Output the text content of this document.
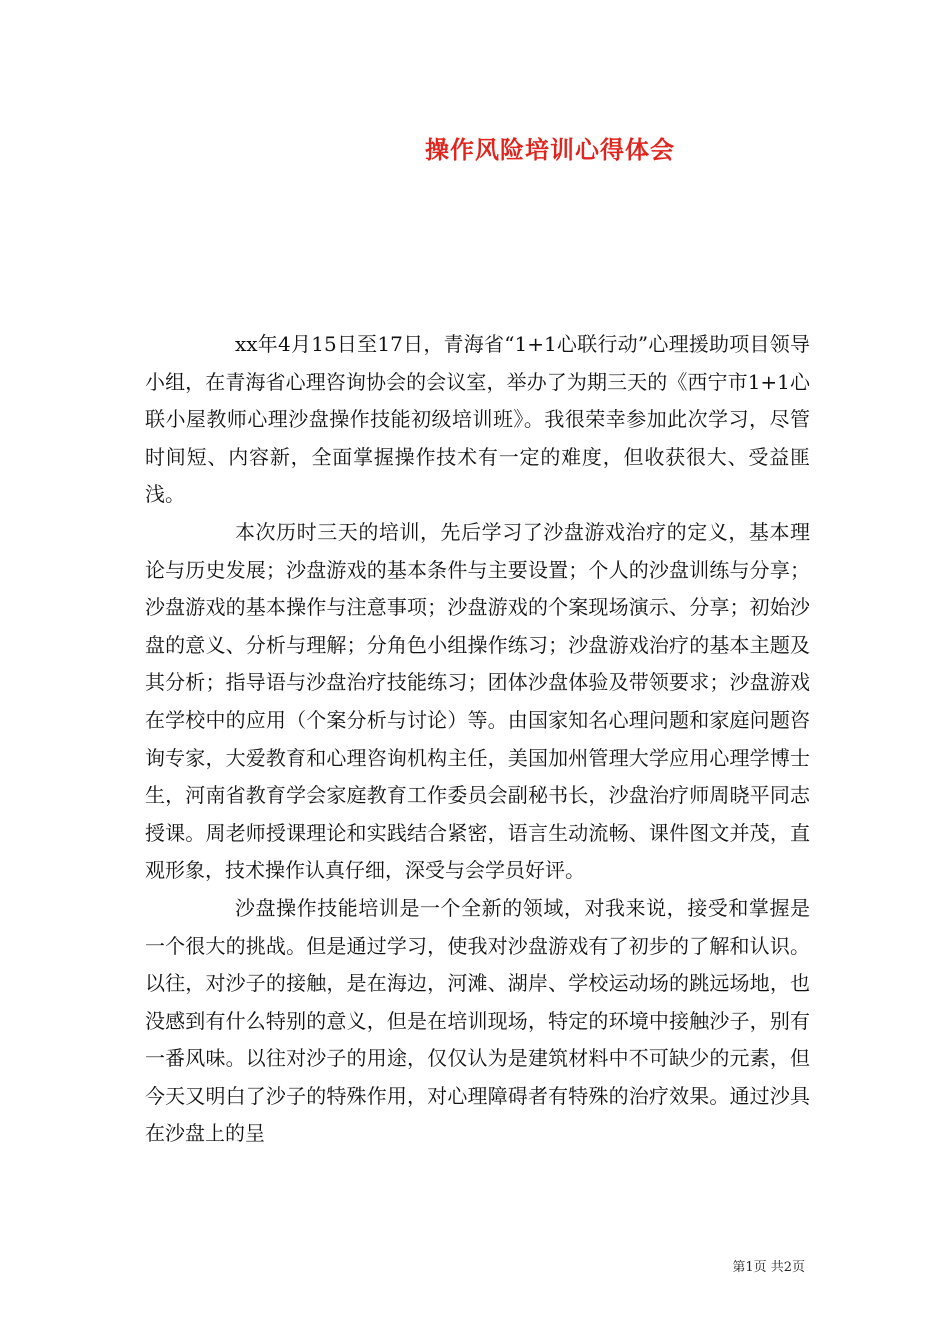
操作风险培训心得体会

xx年4月15日至17日，青海省“1+1心联行动”心理援助项目领导小组，在青海省心理咨询协会的会议室，举办了为期三天的《西宁市1+1心联小屋教师心理沙盘操作技能初级培训班》。我很荣幸参加此次学习，尽管时间短、内容新，全面掌握操作技术有一定的难度，但收获很大、受益匪浅。

本次历时三天的培训，先后学习了沙盘游戏治疗的定义，基本理论与历史发展；沙盘游戏的基本条件与主要设置；个人的沙盘训练与分享；沙盘游戏的基本操作与注意事项；沙盘游戏的个案现场演示、分享；初始沙盘的意义、分析与理解；分角色小组操作练习；沙盘游戏治疗的基本主题及其分析；指导语与沙盘治疗技能练习；团体沙盘体验及带领要求；沙盘游戏在学校中的应用（个案分析与讨论）等。由国家知名心理问题和家庭问题咨询专家，大爱教育和心理咨询机构主任，美国加州管理大学应用心理学博士生，河南省教育学会家庭教育工作委员会副秘书长，沙盘治疗师周晓平同志授课。周老师授课理论和实践结合紧密，语言生动流畅、课件图文并茂，直观形象，技术操作认真仔细，深受与会学员好评。

沙盘操作技能培训是一个全新的领域，对我来说，接受和掌握是一个很大的挑战。但是通过学习，使我对沙盘游戏有了初步的了解和认识。以往，对沙子的接触，是在海边，河滩、湖岸、学校运动场的跳远场地，也没感到有什么特别的意义，但是在培训现场，特定的环境中接触沙子，别有一番风味。以往对沙子的用途，仅仅认为是建筑材料中不可缺少的元素，但今天又明白了沙子的特殊作用，对心理障碍者有特殊的治疗效果。通过沙具在沙盘上的呈

第1页 共2页
